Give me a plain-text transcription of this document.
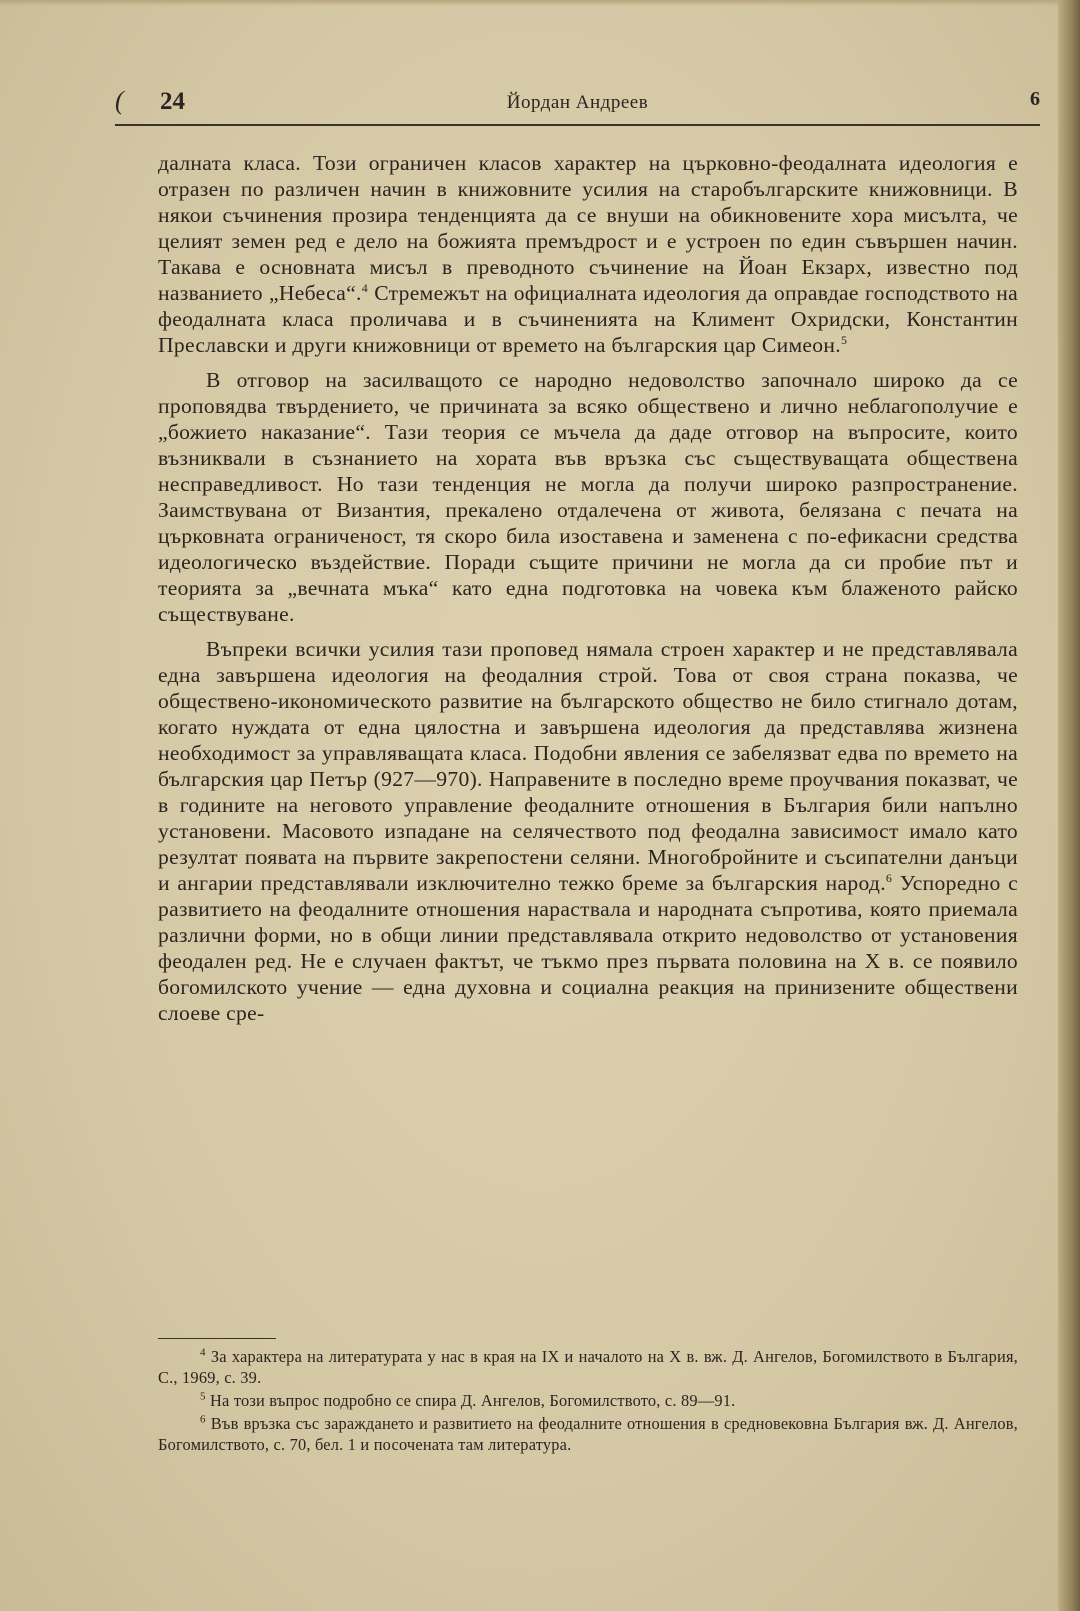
( 24	Йордан Андреев	6

далната класа. Този ограничен класов характер на църковно-феодалната идеология е отразен по различен начин в книжовните усилия на старобългарските книжовници. В някои съчинения прозира тенденцията да се внуши на обикновените хора мисълта, че целият земен ред е дело на божията премъдрост и е устроен по един съвършен начин. Такава е основната мисъл в преводното съчинение на Йоан Екзарх, известно под названието „Небеса“.$^4$ Стремежът на официалната идеология да оправдае господството на феодалната класа проличава и в съчиненията на Климент Охридски, Константин Преславски и други книжовници от времето на българския цар Симеон.$^5$

В отговор на засилващото се народно недоволство започнало широко да се проповядва твърдението, че причината за всяко обществено и лично неблагополучие е „божието наказание“. Тази теория се мъчела да даде отговор на въпросите, които възниквали в съзнанието на хората във връзка със съществуващата обществена несправедливост. Но тази тенденция не могла да получи широко разпространение. Заимствувана от Византия, прекалено отдалечена от живота, белязана с печата на църковната ограниченост, тя скоро била изоставена и заменена с по-ефикасни средства идеологическо въздействие. Поради същите причини не могла да си пробие път и теорията за „вечната мъка“ като една подготовка на човека към блаженото райско съществуване.

Въпреки всички усилия тази проповед нямала строен характер и не представлявала една завършена идеология на феодалния строй. Това от своя страна показва, че обществено-икономическото развитие на българското общество не било стигнало дотам, когато нуждата от една цялостна и завършена идеология да представлява жизнена необходимост за управляващата класа. Подобни явления се забелязват едва по времето на българския цар Петър (927—970). Направените в последно време проучвания показват, че в годините на неговото управление феодалните отношения в България били напълно установени. Масовото изпадане на селячеството под феодална зависимост имало като резултат появата на първите закрепостени селяни. Многобройните и съсипателни данъци и ангарии представлявали изключително тежко бреме за българския народ.$^6$ Успоредно с развитието на феодалните отношения нараствала и народната съпротива, която приемала различни форми, но в общи линии представлявала открито недоволство от установения феодален ред. Не е случаен фактът, че тъкмо през първата половина на X в. се появило богомилското учение — една духовна и социална реакция на принизените обществени слоеве сре-

$^4$ За характера на литературата у нас в края на IX и началото на X в. вж. Д. Ангелов, Богомилството в България, С., 1969, с. 39.

$^5$ На този въпрос подробно се спира Д. Ангелов, Богомилството, с. 89—91.

$^6$ Във връзка със зараждането и развитието на феодалните отношения в средновековна България вж. Д. Ангелов, Богомилството, с. 70, бел. 1 и посочената там литература.
